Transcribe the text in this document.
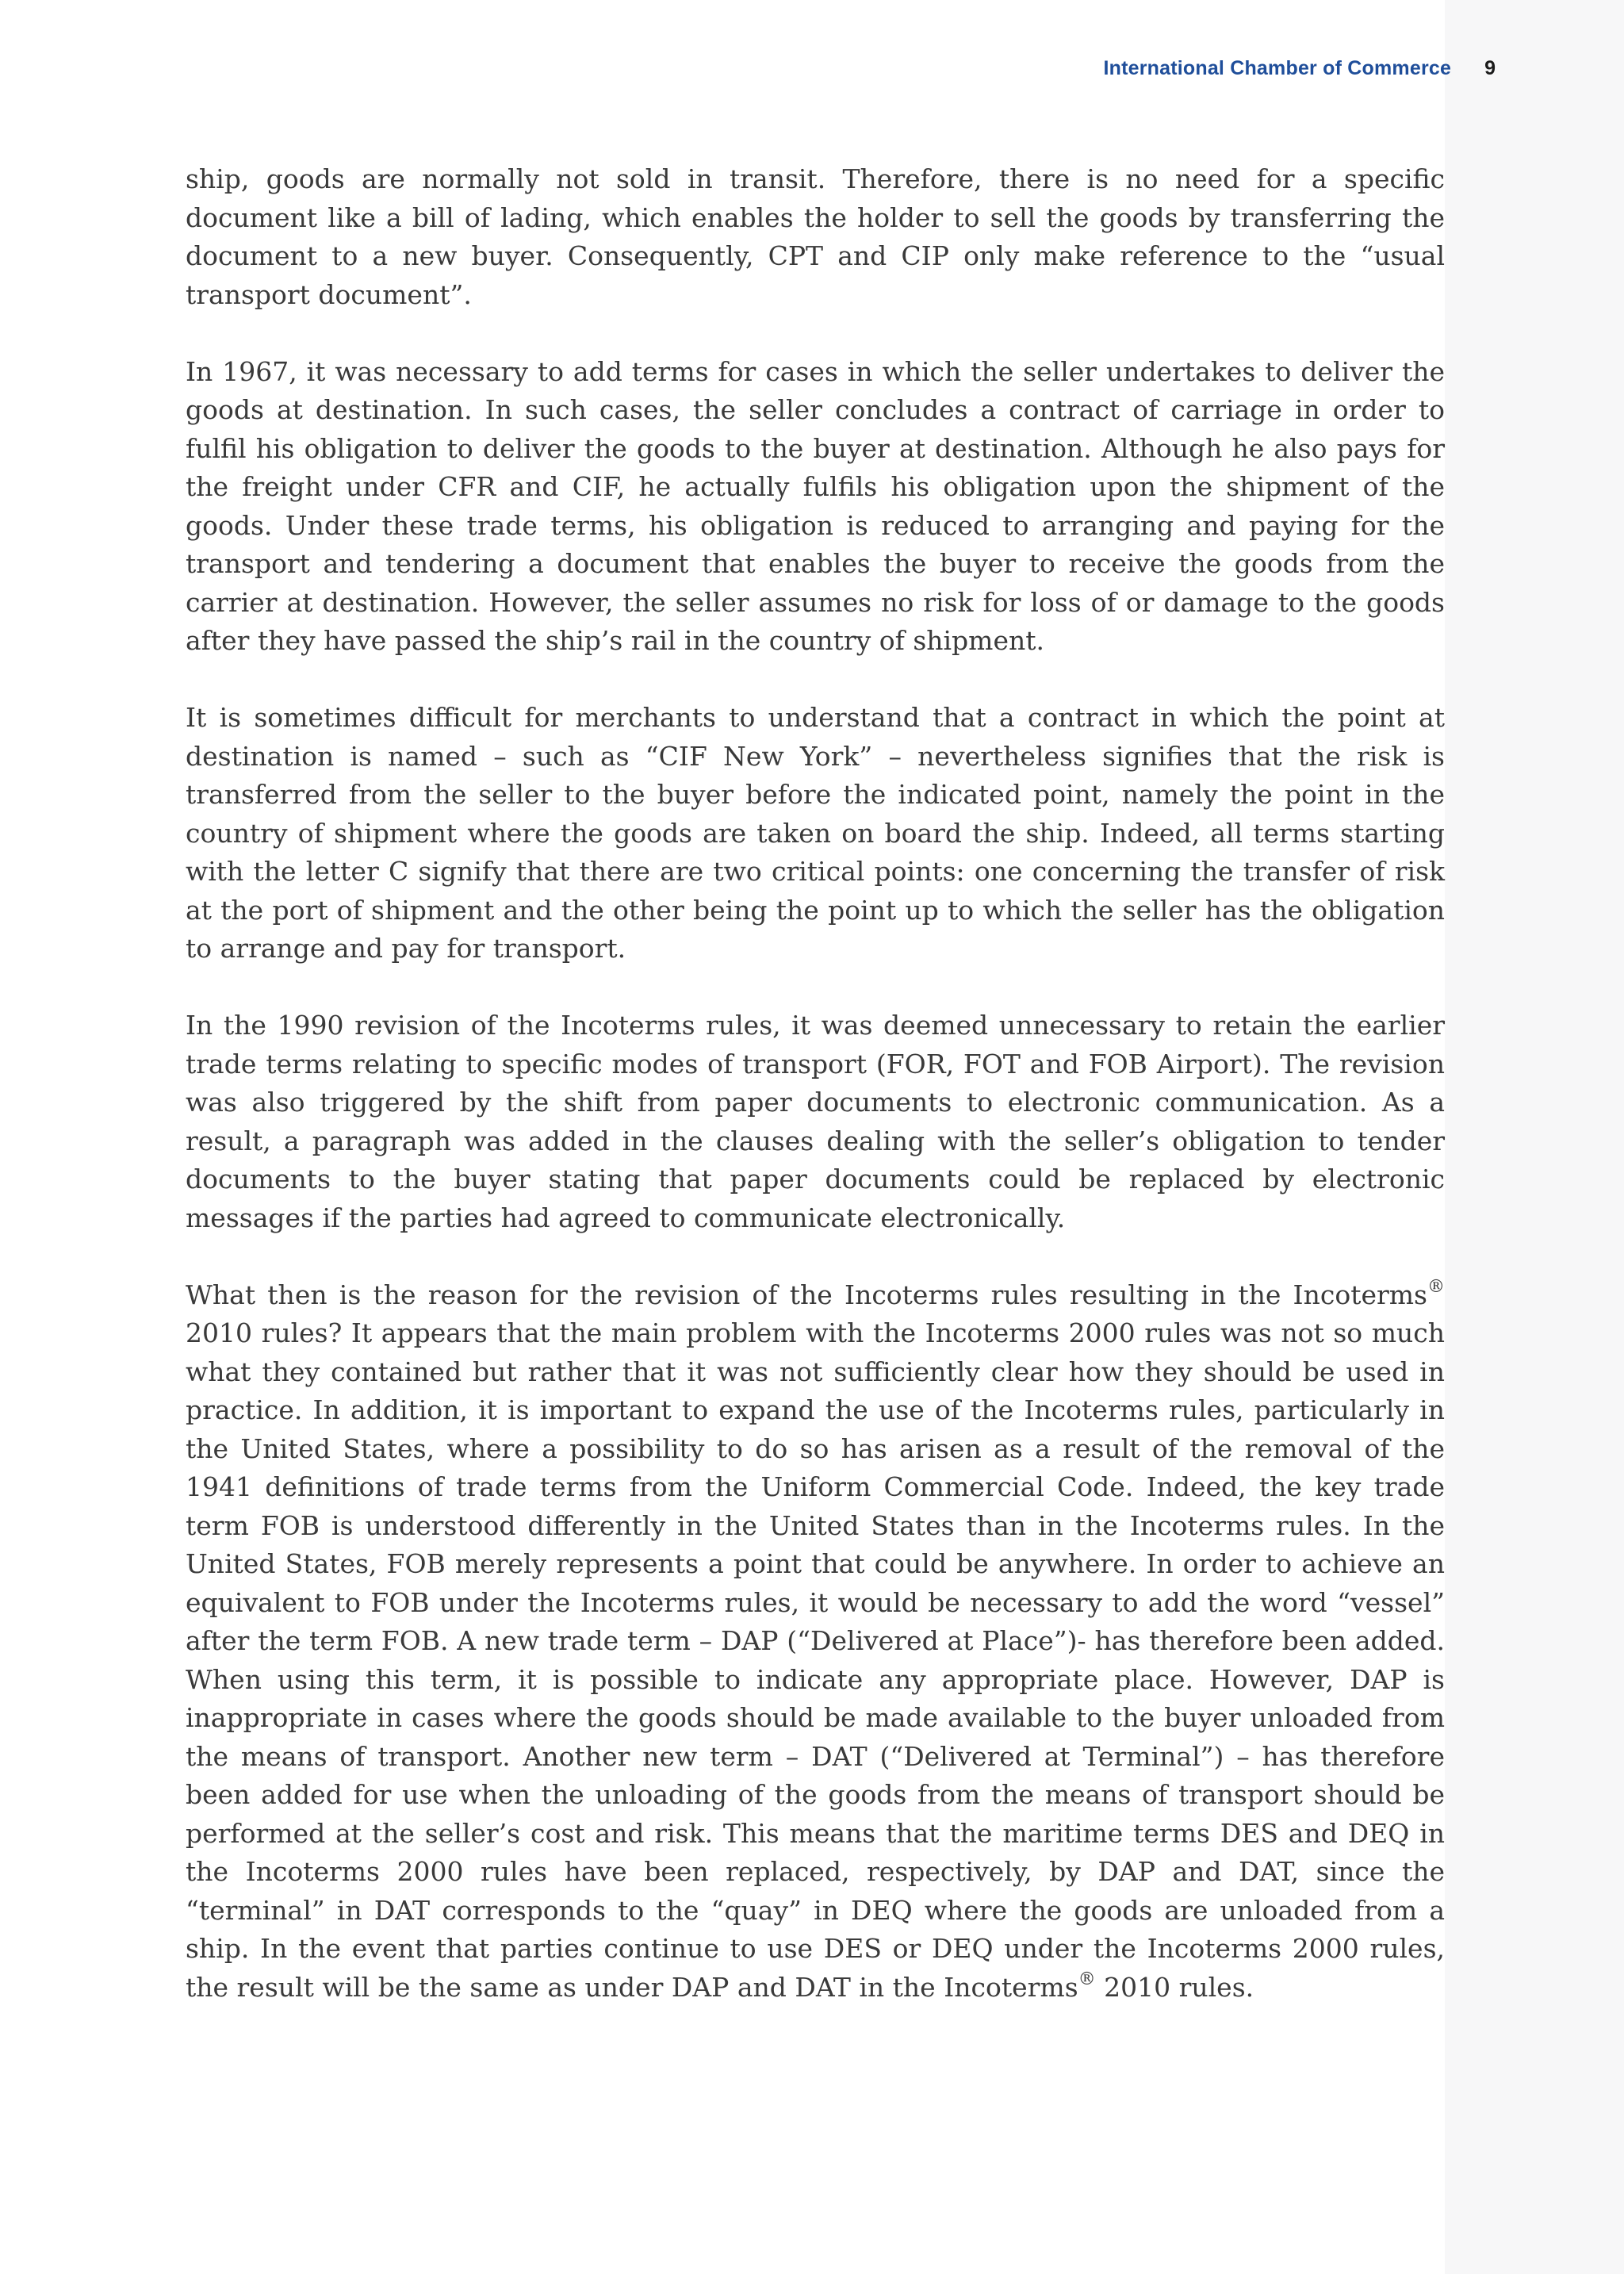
International Chamber of Commerce 9

ship, goods are normally not sold in transit. Therefore, there is no need for a specific document like a bill of lading, which enables the holder to sell the goods by transferring the document to a new buyer. Consequently, CPT and CIP only make reference to the “usual transport document”.

In 1967, it was necessary to add terms for cases in which the seller undertakes to deliver the goods at destination. In such cases, the seller concludes a contract of carriage in order to fulfil his obligation to deliver the goods to the buyer at destination. Although he also pays for the freight under CFR and CIF, he actually fulfils his obligation upon the shipment of the goods. Under these trade terms, his obligation is reduced to arranging and paying for the transport and tendering a document that enables the buyer to receive the goods from the carrier at destination. However, the seller assumes no risk for loss of or damage to the goods after they have passed the ship’s rail in the country of shipment.

It is sometimes difficult for merchants to understand that a contract in which the point at destination is named – such as “CIF New York” – nevertheless signifies that the risk is transferred from the seller to the buyer before the indicated point, namely the point in the country of shipment where the goods are taken on board the ship. Indeed, all terms starting with the letter C signify that there are two critical points: one concerning the transfer of risk at the port of shipment and the other being the point up to which the seller has the obligation to arrange and pay for transport.

In the 1990 revision of the Incoterms rules, it was deemed unnecessary to retain the earlier trade terms relating to specific modes of transport (FOR, FOT and FOB Airport). The revision was also triggered by the shift from paper documents to electronic communication. As a result, a paragraph was added in the clauses dealing with the seller’s obligation to tender documents to the buyer stating that paper documents could be replaced by electronic messages if the parties had agreed to communicate electronically.

What then is the reason for the revision of the Incoterms rules resulting in the Incoterms® 2010 rules? It appears that the main problem with the Incoterms 2000 rules was not so much what they contained but rather that it was not sufficiently clear how they should be used in practice. In addition, it is important to expand the use of the Incoterms rules, particularly in the United States, where a possibility to do so has arisen as a result of the removal of the 1941 definitions of trade terms from the Uniform Commercial Code. Indeed, the key trade term FOB is understood differently in the United States than in the Incoterms rules. In the United States, FOB merely represents a point that could be anywhere. In order to achieve an equivalent to FOB under the Incoterms rules, it would be necessary to add the word “vessel” after the term FOB. A new trade term – DAP (“Delivered at Place”)- has therefore been added. When using this term, it is possible to indicate any appropriate place. However, DAP is inappropriate in cases where the goods should be made available to the buyer unloaded from the means of transport. Another new term – DAT (“Delivered at Terminal”) – has therefore been added for use when the unloading of the goods from the means of transport should be performed at the seller’s cost and risk. This means that the maritime terms DES and DEQ in the Incoterms 2000 rules have been replaced, respectively, by DAP and DAT, since the “terminal” in DAT corresponds to the “quay” in DEQ where the goods are unloaded from a ship. In the event that parties continue to use DES or DEQ under the Incoterms 2000 rules, the result will be the same as under DAP and DAT in the Incoterms® 2010 rules.
